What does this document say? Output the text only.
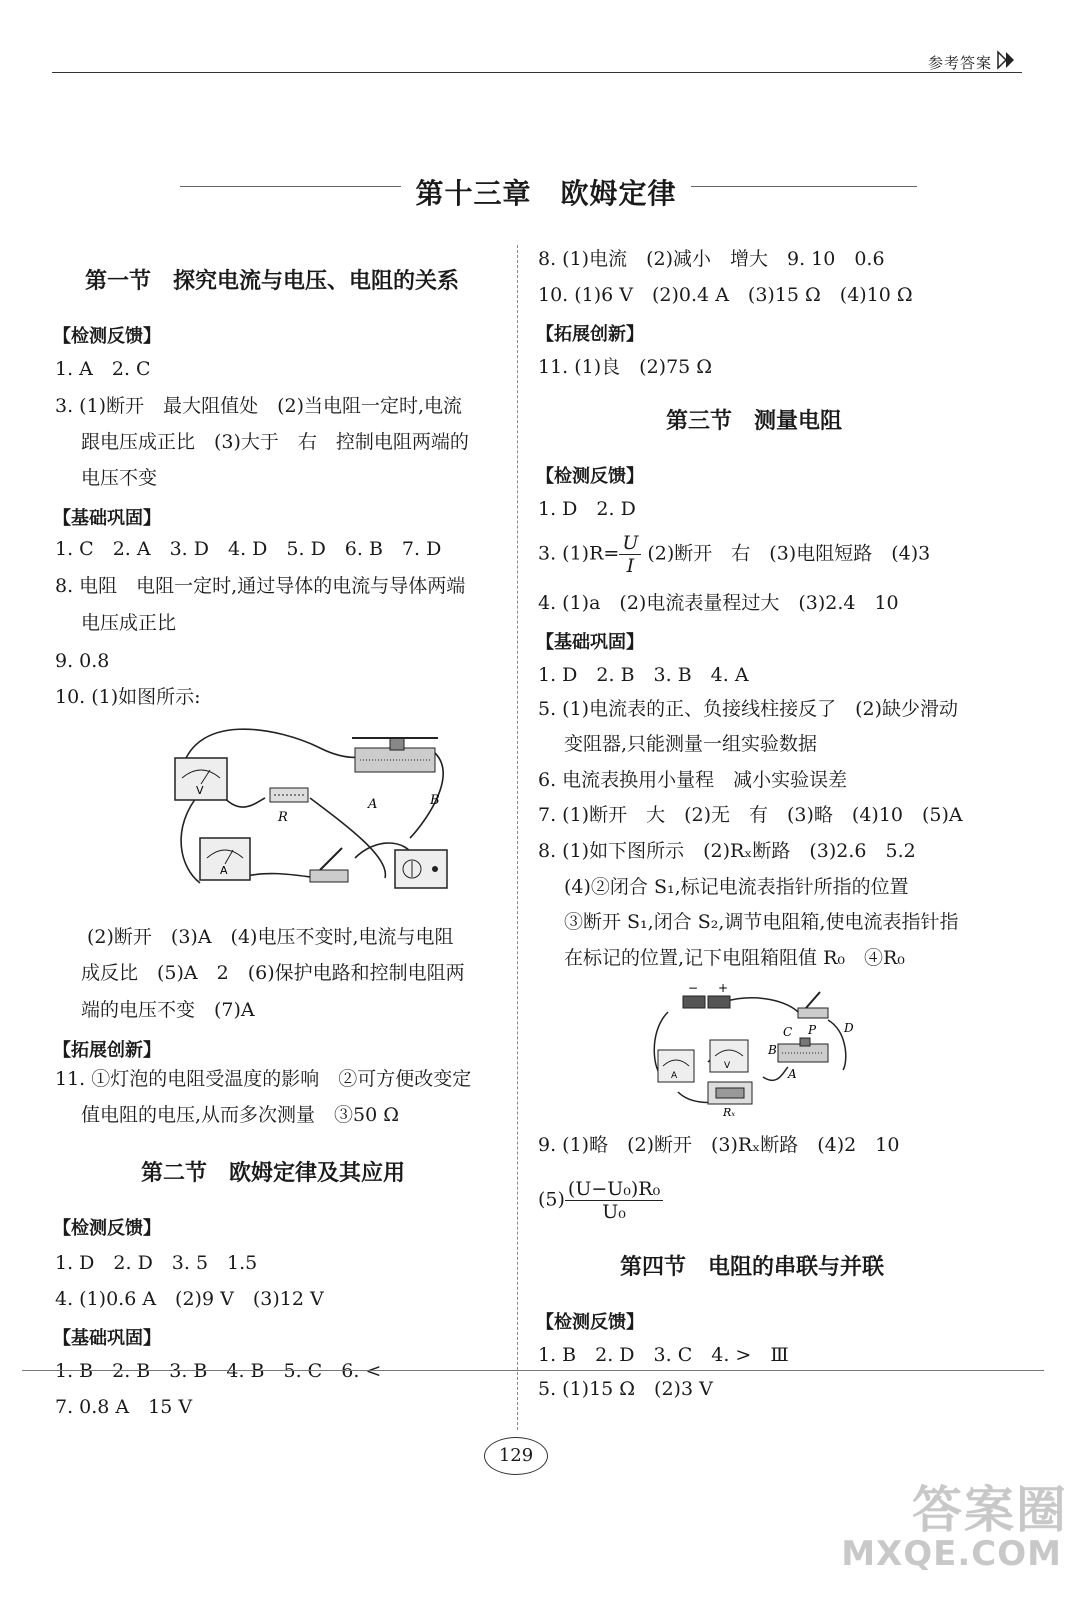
参考答案
第十三章　欧姆定律
第一节　探究电流与电压、电阻的关系
【检测反馈】
1. A　2. C
3. (1)断开　最大阻值处　(2)当电阻一定时,电流
跟电压成正比　(3)大于　右　控制电阻两端的
电压不变
【基础巩固】
1. C　2. A　3. D　4. D　5. D　6. B　7. D
8. 电阻　电阻一定时,通过导体的电流与导体两端
电压成正比
9. 0.8
10. (1)如图所示:
V
R
A	B
A
(2)断开　(3)A　(4)电压不变时,电流与电阻
成反比　(5)A　2　(6)保护电路和控制电阻两
端的电压不变　(7)A
【拓展创新】
11. ①灯泡的电阻受温度的影响　②可方便改变定
值电阻的电压,从而多次测量　③50 Ω
第二节　欧姆定律及其应用
【检测反馈】
1. D　2. D　3. 5　1.5
4. (1)0.6 A　(2)9 V　(3)12 V
【基础巩固】
1. B　2. B　3. B　4. B　5. C　6. <
7. 0.8 A　15 V
8. (1)电流　(2)减小　增大　9. 10　0.6
10. (1)6 V　(2)0.4 A　(3)15 Ω　(4)10 Ω
【拓展创新】
11. (1)良　(2)75 Ω
第三节　测量电阻
【检测反馈】
1. D　2. D
3. $(1)R= \frac{U}{I} (2)$断开　右　(3)电阻短路　(4)3
4. (1)a　(2)电流表量程过大　(3)2.4　10
【基础巩固】
1. D　2. B　3. B　4. A
5. (1)电流表的正、负接线柱接反了　(2)缺少滑动
变阻器,只能测量一组实验数据
6. 电流表换用小量程　减小实验误差
7. (1)断开　大　(2)无　有　(3)略　(4)10　(5)A
8. (1)如下图所示　(2)Rₓ断路　(3)2.6　5.2
(4)②闭合 S₁,标记电流表指针所指的位置
③断开 S₁,闭合 S₂,调节电阻箱,使电流表指针指
在标记的位置,记下电阻箱阻值 R₀　④R₀
− +
C P D
A
V
Rₓ
A
B
9. (1)略　(2)断开　(3)Rₓ断路　(4)2　10
$(5) \frac{\text{(U−U₀)R₀}}{\text{U₀}}$
第四节　电阻的串联与并联
【检测反馈】
1. B　2. D　3. C　4. >　Ⅲ
5. (1)15 Ω　(2)3 V
129
答案圈
MXQE.COM
